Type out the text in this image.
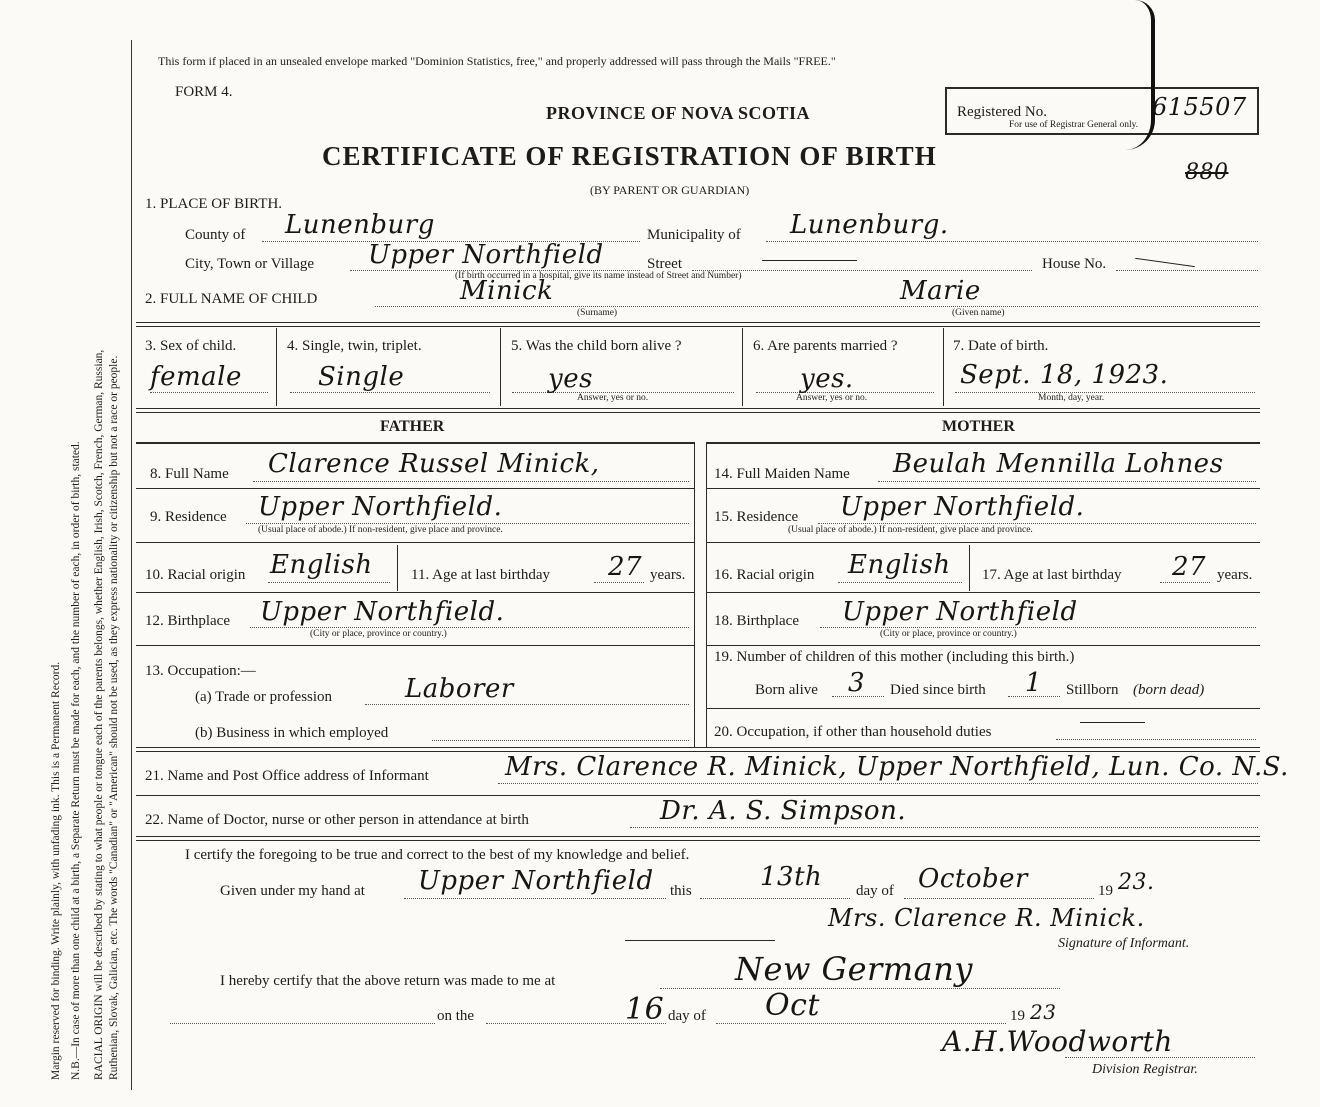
Margin reserved for binding. Write plainly, with unfading ink. This is a Permanent Record. N.B.—In case of more than one child at a birth, a Separate Return must be made for each, and the number of each, in order of birth, stated. RACIAL ORIGIN will be described by stating to what people or tongue each of the parents belongs, whether English, Irish, Scotch, French, German, Russian, Ruthenian, Slovak, Galician, etc. The words "Canadian" or "American" should not be used, as they express nationality or citizenship but not a race or people.
This form if placed in an unsealed envelope marked "Dominion Statistics, free," and properly addressed will pass through the Mails "FREE."
FORM 4.
PROVINCE OF NOVA SCOTIA	Registered No.	615507
For use of Registrar General only.
CERTIFICATE OF REGISTRATION OF BIRTH
(BY PARENT OR GUARDIAN)
880
1. PLACE OF BIRTH.
County of Lunenburg	Municipality of Lunenburg.
City, Town or Village Upper Northfield	Street	House No.
(If birth occurred in a hospital, give its name instead of Street and Number)
2. FULL NAME OF CHILD	Minick	Marie
(Surname)	(Given name)
3. Sex of child.
female
4. Single, twin, triplet.
Single
5. Was the child born alive ?
yes
Answer, yes or no.
6. Are parents married ?
yes.
Answer, yes or no.
7. Date of birth.
Sept. 18, 1923.
Month, day, year.
FATHER	MOTHER
8. Full Name Clarence Russel Minick,
9. Residence Upper Northfield.
(Usual place of abode.) If non-resident, give place and province.
10. Racial origin English	11. Age at last birthday 27 years.
12. Birthplace Upper Northfield.
(City or place, province or country.)
13. Occupation:—
(a) Trade or profession	Laborer
(b) Business in which employed
14. Full Maiden Name Beulah Mennilla Lohnes
15. Residence Upper Northfield.
(Usual place of abode.) If non-resident, give place and province.
16. Racial origin English 17. Age at last birthday 27 years.
18. Birthplace Upper Northfield
(City or place, province or country.)
19. Number of children of this mother (including this birth.)
Born alive 3 Died since birth 1 Stillborn (born dead)
20. Occupation, if other than household duties
21. Name and Post Office address of Informant	Mrs. Clarence R. Minick, Upper Northfield, Lun. Co. N.S.
22. Name of Doctor, nurse or other person in attendance at birth	Dr. A. S. Simpson.
I certify the foregoing to be true and correct to the best of my knowledge and belief.
Given under my hand at Upper Northfield this	13th day of October	19 23.
Mrs. Clarence R. Minick.
Signature of Informant.
I hereby certify that the above return was made to me at	New Germany
on the	16 day of Oct	19 23
A.H.Woodworth
Division Registrar.
